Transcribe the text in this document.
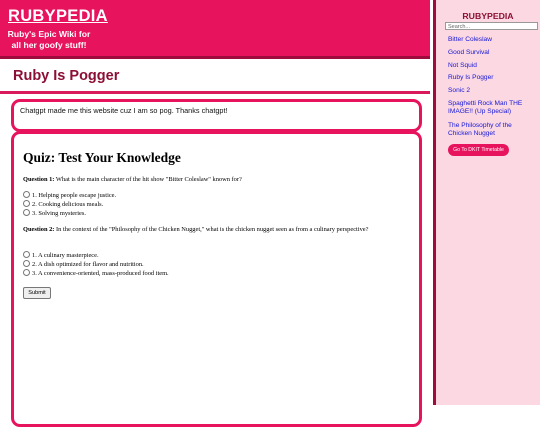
RUBYPEDIA
Ruby's Epic Wiki for
all her goofy stuff!
Ruby Is Pogger
Chatgpt made me this website cuz I am so pog. Thanks chatgpt!
Quiz: Test Your Knowledge
Question 1: What is the main character of the hit show "Bitter Coleslaw" known for?
1. Helping people escape justice.
2. Cooking delicious meals.
3. Solving mysteries.
Question 2: In the context of the "Philosophy of the Chicken Nugget," what is the chicken nugget seen as from a culinary perspective?
1. A culinary masterpiece.
2. A dish optimized for flavor and nutrition.
3. A convenience-oriented, mass-produced food item.
Submit
RUBYPEDIA
Search...
Bitter Coleslaw
Good Survival
Not Squid
Ruby Is Pogger
Sonic 2
Spaghetti Rock Man THE IMAGE!! (Up Special)
The Philosophy of the Chicken Nugget
Go To DKIT Timetable
